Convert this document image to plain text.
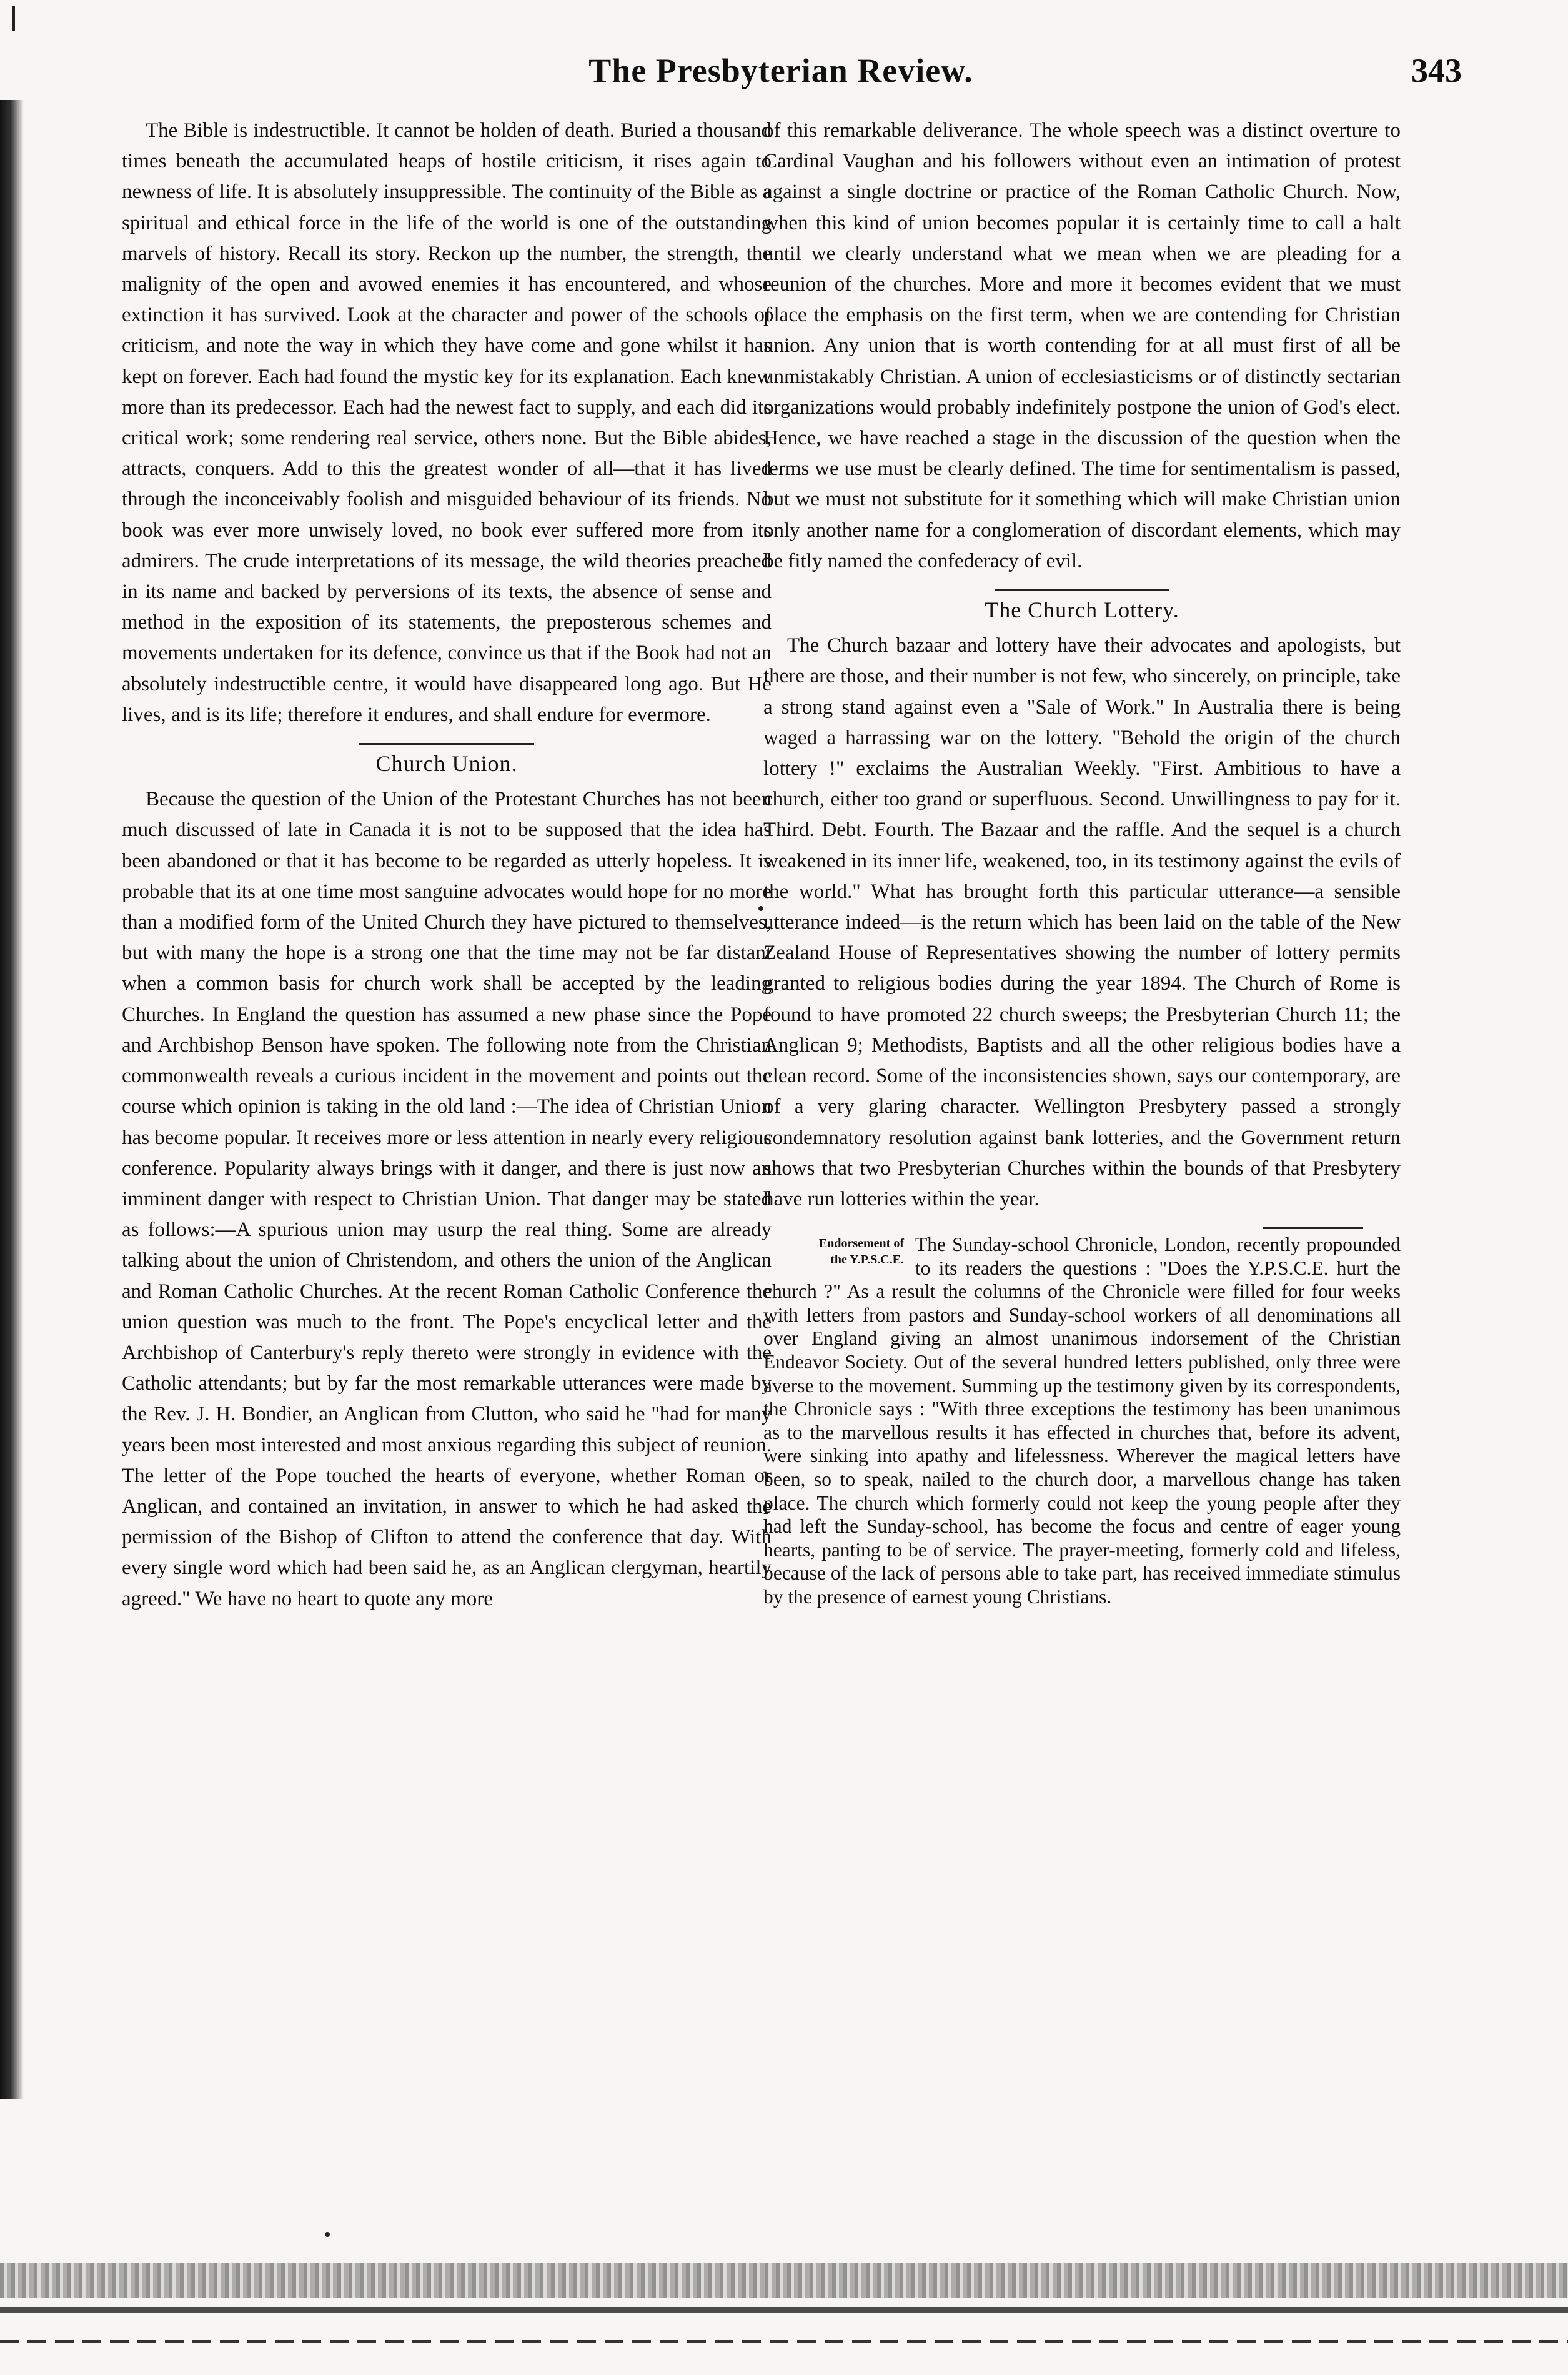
The Presbyterian Review.	343

The Bible is indestructible. It cannot be holden of death. Buried a thousand times beneath the accumulated heaps of hostile criticism, it rises again to newness of life. It is absolutely insuppressible. The continuity of the Bible as a spiritual and ethical force in the life of the world is one of the outstanding marvels of history. Recall its story. Reckon up the number, the strength, the malignity of the open and avowed enemies it has encountered, and whose extinction it has survived. Look at the character and power of the schools of criticism, and note the way in which they have come and gone whilst it has kept on forever. Each had found the mystic key for its explanation. Each knew more than its predecessor. Each had the newest fact to supply, and each did its critical work; some rendering real service, others none. But the Bible abides, attracts, conquers. Add to this the greatest wonder of all—that it has lived through the inconceivably foolish and misguided behaviour of its friends. No book was ever more unwisely loved, no book ever suffered more from its admirers. The crude interpretations of its message, the wild theories preached in its name and backed by perversions of its texts, the absence of sense and method in the exposition of its statements, the preposterous schemes and movements undertaken for its defence, convince us that if the Book had not an absolutely indestructible centre, it would have disappeared long ago. But He lives, and is its life; therefore it endures, and shall endure for evermore.

Church Union.

Because the question of the Union of the Protestant Churches has not been much discussed of late in Canada it is not to be supposed that the idea has been abandoned or that it has become to be regarded as utterly hopeless. It is probable that its at one time most sanguine advocates would hope for no more than a modified form of the United Church they have pictured to themselves, but with many the hope is a strong one that the time may not be far distant when a common basis for church work shall be accepted by the leading Churches. In England the question has assumed a new phase since the Pope and Archbishop Benson have spoken. The following note from the Christian commonwealth reveals a curious incident in the movement and points out the course which opinion is taking in the old land :—The idea of Christian Union has become popular. It receives more or less attention in nearly every religious conference. Popularity always brings with it danger, and there is just now an imminent danger with respect to Christian Union. That danger may be stated as follows:—A spurious union may usurp the real thing. Some are already talking about the union of Christendom, and others the union of the Anglican and Roman Catholic Churches. At the recent Roman Catholic Conference the union question was much to the front. The Pope's encyclical letter and the Archbishop of Canterbury's reply thereto were strongly in evidence with the Catholic attendants; but by far the most remarkable utterances were made by the Rev. J. H. Bondier, an Anglican from Clutton, who said he "had for many years been most interested and most anxious regarding this subject of reunion. The letter of the Pope touched the hearts of everyone, whether Roman or Anglican, and contained an invitation, in answer to which he had asked the permission of the Bishop of Clifton to attend the conference that day. With every single word which had been said he, as an Anglican clergyman, heartily agreed." We have no heart to quote any more

of this remarkable deliverance. The whole speech was a distinct overture to Cardinal Vaughan and his followers without even an intimation of protest against a single doctrine or practice of the Roman Catholic Church. Now, when this kind of union becomes popular it is certainly time to call a halt until we clearly understand what we mean when we are pleading for a reunion of the churches. More and more it becomes evident that we must place the emphasis on the first term, when we are contending for Christian union. Any union that is worth contending for at all must first of all be unmistakably Christian. A union of ecclesiasticisms or of distinctly sectarian organizations would probably indefinitely postpone the union of God's elect. Hence, we have reached a stage in the discussion of the question when the terms we use must be clearly defined. The time for sentimentalism is passed, but we must not substitute for it something which will make Christian union only another name for a conglomeration of discordant elements, which may be fitly named the confederacy of evil.

The Church Lottery.

The Church bazaar and lottery have their advocates and apologists, but there are those, and their number is not few, who sincerely, on principle, take a strong stand against even a "Sale of Work." In Australia there is being waged a harrassing war on the lottery. "Behold the origin of the church lottery !" exclaims the Australian Weekly. "First. Ambitious to have a church, either too grand or superfluous. Second. Unwillingness to pay for it. Third. Debt. Fourth. The Bazaar and the raffle. And the sequel is a church weakened in its inner life, weakened, too, in its testimony against the evils of the world." What has brought forth this particular utterance—a sensible utterance indeed—is the return which has been laid on the table of the New Zealand House of Representatives showing the number of lottery permits granted to religious bodies during the year 1894. The Church of Rome is found to have promoted 22 church sweeps; the Presbyterian Church 11; the Anglican 9; Methodists, Baptists and all the other religious bodies have a clean record. Some of the inconsistencies shown, says our contemporary, are of a very glaring character. Wellington Presbytery passed a strongly condemnatory resolution against bank lotteries, and the Government return shows that two Presbyterian Churches within the bounds of that Presbytery have run lotteries within the year.

Endorsement of
the Y.P.S.C.E.

The Sunday-school Chronicle, London, recently propounded to its readers the questions : "Does the Y.P.S.C.E. hurt the church ?" As a result the columns of the Chronicle were filled for four weeks with letters from pastors and Sunday-school workers of all denominations all over England giving an almost unanimous indorsement of the Christian Endeavor Society. Out of the several hundred letters published, only three were averse to the movement. Summing up the testimony given by its correspondents, the Chronicle says : "With three exceptions the testimony has been unanimous as to the marvellous results it has effected in churches that, before its advent, were sinking into apathy and lifelessness. Wherever the magical letters have been, so to speak, nailed to the church door, a marvellous change has taken place. The church which formerly could not keep the young people after they had left the Sunday-school, has become the focus and centre of eager young hearts, panting to be of service. The prayer-meeting, formerly cold and lifeless, because of the lack of persons able to take part, has received immediate stimulus by the presence of earnest young Christians.
